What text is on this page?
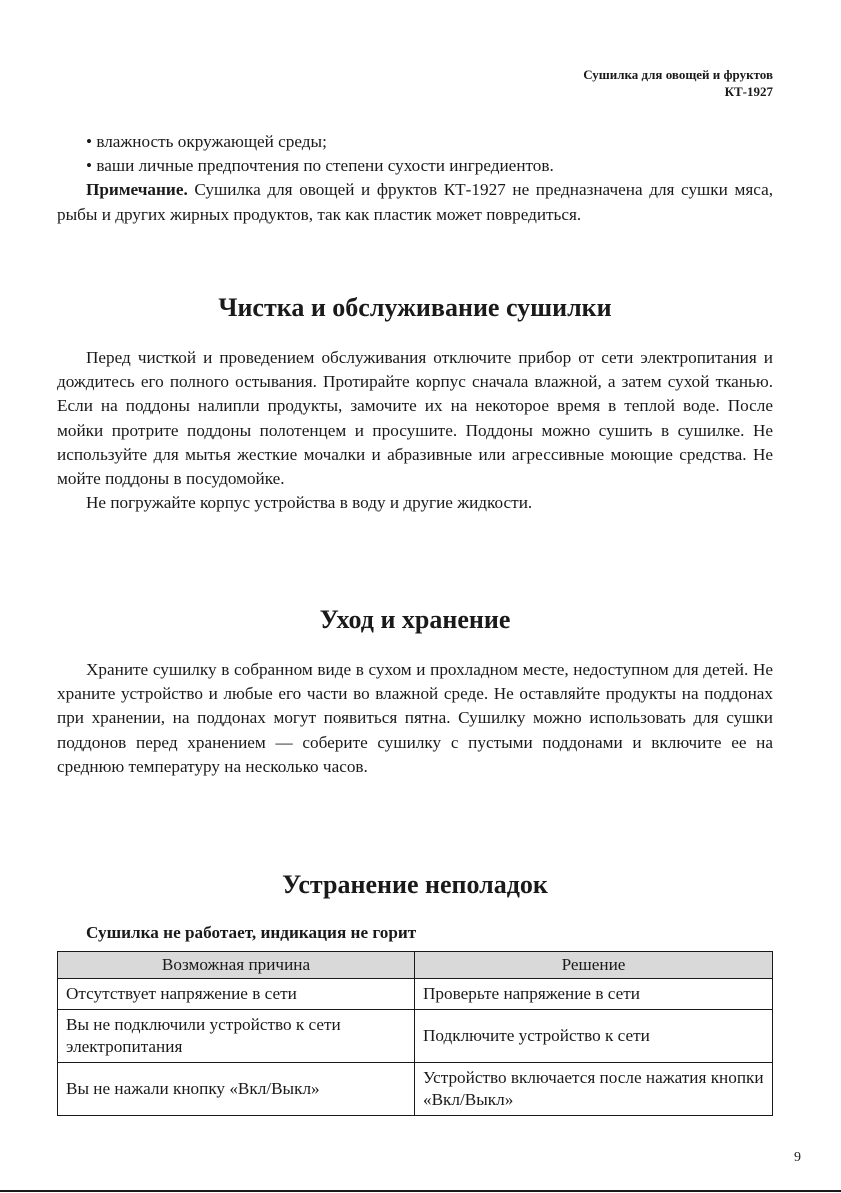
Сушилка для овощей и фруктов
КТ-1927

• влажность окружающей среды;

• ваши личные предпочтения по степени сухости ингредиентов.

Примечание. Сушилка для овощей и фруктов КТ-1927 не предназначена для сушки мяса, рыбы и других жирных продуктов, так как пластик может повредиться.

Чистка и обслуживание сушилки

Перед чисткой и проведением обслуживания отключите прибор от сети электропитания и дождитесь его полного остывания. Протирайте корпус сначала влажной, а затем сухой тканью. Если на поддоны налипли продукты, замочите их на некоторое время в теплой воде. После мойки протрите поддоны полотенцем и просушите. Поддоны можно сушить в сушилке. Не используйте для мытья жесткие мочалки и абразивные или агрессивные моющие средства. Не мойте поддоны в посудомойке.

Не погружайте корпус устройства в воду и другие жидкости.

Уход и хранение

Храните сушилку в собранном виде в сухом и прохладном месте, недоступном для детей. Не храните устройство и любые его части во влажной среде. Не оставляйте продукты на поддонах при хранении, на поддонах могут появиться пятна. Сушилку можно использовать для сушки поддонов перед хранением — соберите сушилку с пустыми поддонами и включите ее на среднюю температуру на несколько часов.

Устранение неполадок

Сушилка не работает, индикация не горит

Возможная причина	Решение
Отсутствует напряжение в сети	Проверьте напряжение в сети
Вы не подключили устройство к сети электропитания	Подключите устройство к сети
Вы не нажали кнопку «Вкл/Выкл»	Устройство включается после нажатия кнопки «Вкл/Выкл»
9
